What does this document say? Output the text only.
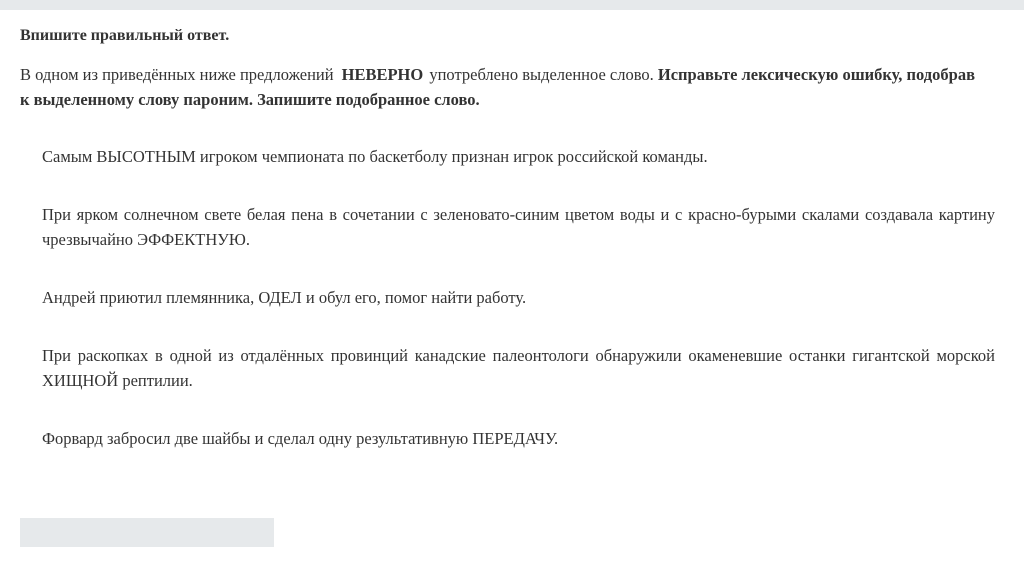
Впишите правильный ответ.

В одном из приведённых ниже предложений НЕВЕРНО употреблено выделенное слово. Исправьте лексическую ошибку, подобрав
к выделенному слову пароним. Запишите подобранное слово.

Самым ВЫСОТНЫМ игроком чемпионата по баскетболу признан игрок российской команды.

При ярком солнечном свете белая пена в сочетании с зеленовато-синим цветом воды и с красно-бурыми скалами создавала картину чрезвычайно ЭФФЕКТНУЮ.

Андрей приютил племянника, ОДЕЛ и обул его, помог найти работу.

При раскопках в одной из отдалённых провинций канадские палеонтологи обнаружили окаменевшие останки гигантской морской ХИЩНОЙ рептилии.

Форвард забросил две шайбы и сделал одну результативную ПЕРЕДАЧУ.
